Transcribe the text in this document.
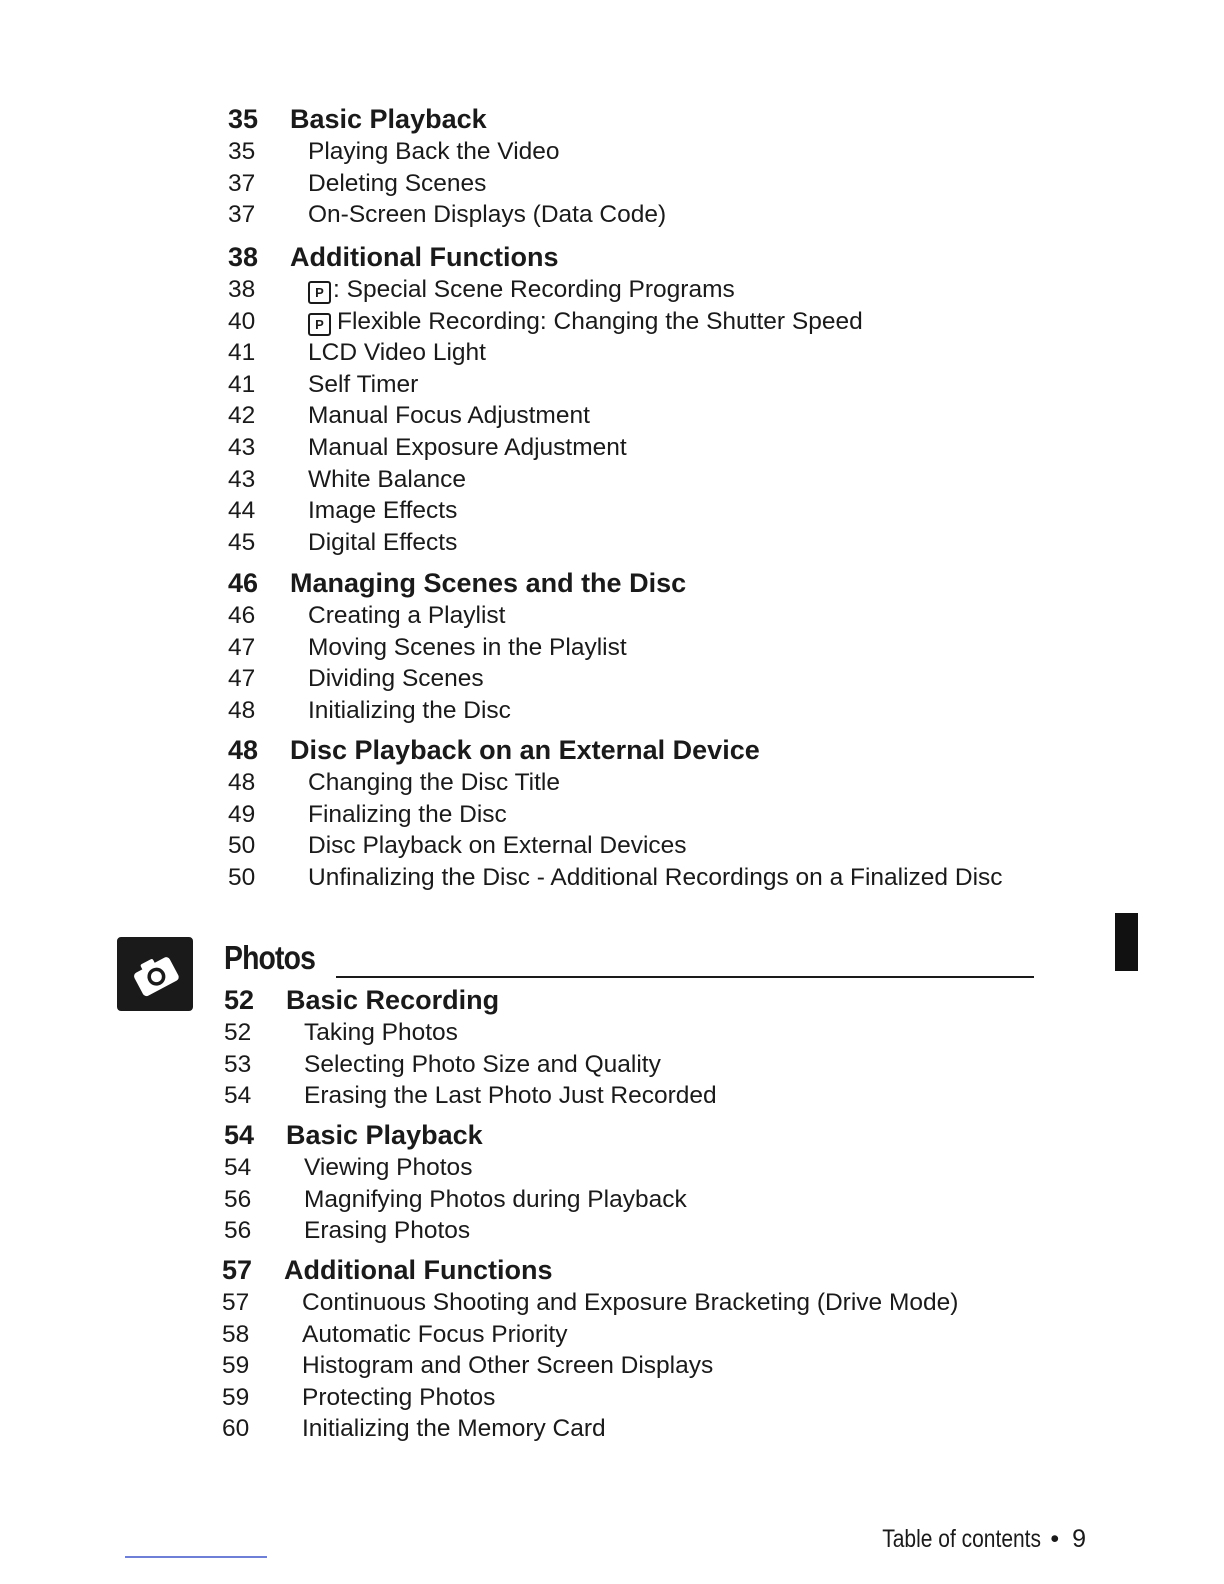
35	Basic Playback
35	Playing Back the Video
37	Deleting Scenes
37	On-Screen Displays (Data Code)
38	Additional Functions
38	P : Special Scene Recording Programs
40	P Flexible Recording: Changing the Shutter Speed
41	LCD Video Light
41	Self Timer
42	Manual Focus Adjustment
43	Manual Exposure Adjustment
43	White Balance
44	Image Effects
45	Digital Effects
46	Managing Scenes and the Disc
46	Creating a Playlist
47	Moving Scenes in the Playlist
47	Dividing Scenes
48	Initializing the Disc
48	Disc Playback on an External Device
48	Changing the Disc Title
49	Finalizing the Disc
50	Disc Playback on External Devices
50	Unfinalizing the Disc - Additional Recordings on a Finalized Disc
Photos
52	Basic Recording
52	Taking Photos
53	Selecting Photo Size and Quality
54	Erasing the Last Photo Just Recorded
54	Basic Playback
54	Viewing Photos
56	Magnifying Photos during Playback
56	Erasing Photos
57	Additional Functions
57	Continuous Shooting and Exposure Bracketing (Drive Mode)
58	Automatic Focus Priority
59	Histogram and Other Screen Displays
59	Protecting Photos
60	Initializing the Memory Card
Table of contents • 9
